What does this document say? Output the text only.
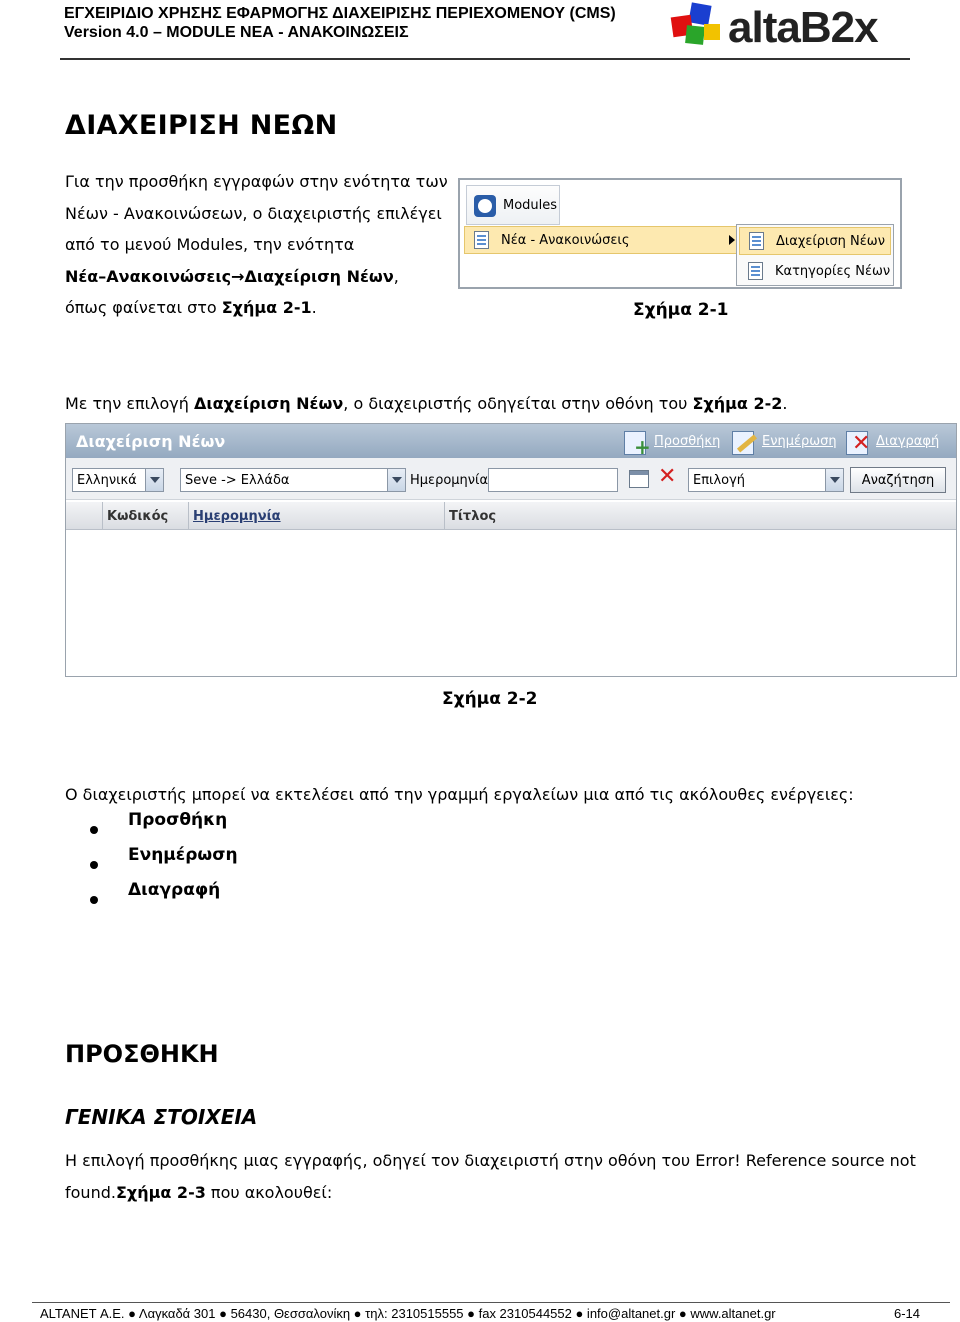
ΕΓΧΕΙΡΙΔΙΟ ΧΡΗΣΗΣ ΕΦΑΡΜΟΓΗΣ ΔΙΑΧΕΙΡΙΣΗΣ ΠΕΡΙΕΧΟΜΕΝΟΥ (CMS)
Version 4.0 – MODULE ΝΕΑ - ΑΝΑΚΟΙΝΩΣΕΙΣ	altaB2x
ΔΙΑΧΕΙΡΙΣΗ ΝΕΩΝ
Για την προσθήκη εγγραφών στην ενότητα των
Νέων - Ανακοινώσεων, ο διαχειριστής επιλέγει
από το μενού Modules, την ενότητα
Νέα–Ανακοινώσεις→Διαχείριση Νέων,
όπως φαίνεται στο Σχήμα 2-1.
Modules
Νέα - Ανακοινώσεις	Διαχείριση Νέων
Κατηγορίες Νέων
Σχήμα 2-1
Με την επιλογή Διαχείριση Νέων, ο διαχειριστής οδηγείται στην οθόνη του Σχήμα 2-2.
Διαχείριση Νέων +	Προσθήκη	Ενημέρωση ✕	Διαγραφή
Ελληνικά	Seve -> Ελλάδα	Ημερομηνία	Επιλογή	Αναζήτηση
✕
Κωδικός	Ημερομηνία	Τίτλος
Σχήμα 2-2
Ο διαχειριστής μπορεί να εκτελέσει από την γραμμή εργαλείων μια από τις ακόλουθες ενέργειες:
Προσθήκη
Ενημέρωση
Διαγραφή
ΠΡΟΣΘΗΚΗ
ΓΕΝΙΚΑ ΣΤΟΙΧΕΙΑ
Η επιλογή προσθήκης μιας εγγραφής, οδηγεί τον διαχειριστή στην οθόνη του Error! Reference source not
found.Σχήμα 2-3 που ακολουθεί:
ALTANET Α.Ε. ● Λαγκαδά 301 ● 56430, Θεσσαλονίκη ● τηλ: 2310515555 ● fax 2310544552 ● info@altanet.gr ● www.altanet.gr	6-14
